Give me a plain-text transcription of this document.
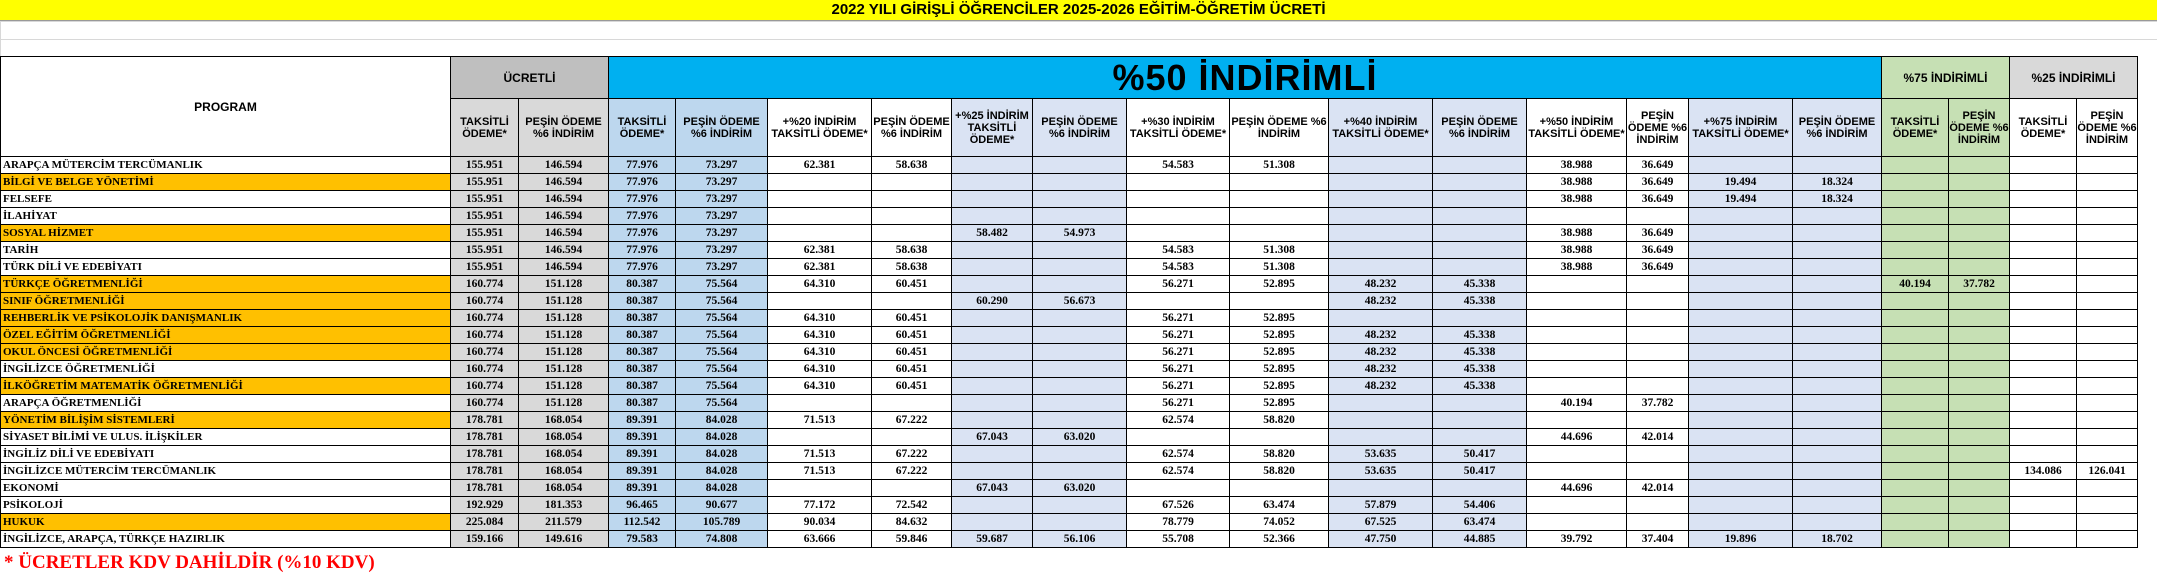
2022 YILI GİRİŞLİ ÖĞRENCİLER 2025-2026 EĞİTİM-ÖĞRETİM ÜCRETİ
PROGRAM	ÜCRETLİ		%50 İNDİRİMLİ														%75 İNDİRİMLİ		%25 İNDİRİMLİ	
	TAKSİTLİ ÖDEME*	PEŞİN ÖDEME %6 İNDİRİM	TAKSİTLİ ÖDEME*	PEŞİN ÖDEME %6 İNDİRİM	+%20 İNDİRİM TAKSİTLİ ÖDEME*	PEŞİN ÖDEME %6 İNDİRİM	+%25 İNDİRİM TAKSİTLİ ÖDEME*	PEŞİN ÖDEME %6 İNDİRİM	+%30 İNDİRİM TAKSİTLİ ÖDEME*	PEŞİN ÖDEME %6 İNDİRİM	+%40 İNDİRİM TAKSİTLİ ÖDEME*	PEŞİN ÖDEME %6 İNDİRİM	+%50 İNDİRİM TAKSİTLİ ÖDEME*	PEŞİN ÖDEME %6 İNDİRİM	+%75 İNDİRİM TAKSİTLİ ÖDEME*	PEŞİN ÖDEME %6 İNDİRİM	TAKSİTLİ ÖDEME*	PEŞİN ÖDEME %6 İNDİRİM	TAKSİTLİ ÖDEME*	PEŞİN ÖDEME %6 İNDİRİM
ARAPÇA MÜTERCİM TERCÜMANLIK	155.951	146.594	77.976	73.297	62.381	58.638			54.583	51.308			38.988	36.649						
BİLGİ VE BELGE YÖNETİMİ	155.951	146.594	77.976	73.297									38.988	36.649	19.494	18.324				
FELSEFE	155.951	146.594	77.976	73.297									38.988	36.649	19.494	18.324				
İLAHİYAT	155.951	146.594	77.976	73.297																
SOSYAL HİZMET	155.951	146.594	77.976	73.297			58.482	54.973					38.988	36.649						
TARİH	155.951	146.594	77.976	73.297	62.381	58.638			54.583	51.308			38.988	36.649						
TÜRK DİLİ VE EDEBİYATI	155.951	146.594	77.976	73.297	62.381	58.638			54.583	51.308			38.988	36.649						
TÜRKÇE ÖĞRETMENLİĞİ	160.774	151.128	80.387	75.564	64.310	60.451			56.271	52.895	48.232	45.338					40.194	37.782		
SINIF ÖĞRETMENLİĞİ	160.774	151.128	80.387	75.564			60.290	56.673			48.232	45.338								
REHBERLİK VE PSİKOLOJİK DANIŞMANLIK	160.774	151.128	80.387	75.564	64.310	60.451			56.271	52.895										
ÖZEL EĞİTİM ÖĞRETMENLİĞİ	160.774	151.128	80.387	75.564	64.310	60.451			56.271	52.895	48.232	45.338								
OKUL ÖNCESİ ÖĞRETMENLİĞİ	160.774	151.128	80.387	75.564	64.310	60.451			56.271	52.895	48.232	45.338								
İNGİLİZCE ÖĞRETMENLİĞİ	160.774	151.128	80.387	75.564	64.310	60.451			56.271	52.895	48.232	45.338								
İLKÖĞRETİM MATEMATİK ÖĞRETMENLİĞİ	160.774	151.128	80.387	75.564	64.310	60.451			56.271	52.895	48.232	45.338								
ARAPÇA ÖĞRETMENLİĞİ	160.774	151.128	80.387	75.564					56.271	52.895			40.194	37.782						
YÖNETİM BİLİŞİM SİSTEMLERİ	178.781	168.054	89.391	84.028	71.513	67.222			62.574	58.820										
SİYASET BİLİMİ VE ULUS. İLİŞKİLER	178.781	168.054	89.391	84.028			67.043	63.020					44.696	42.014						
İNGİLİZ DİLİ VE EDEBİYATI	178.781	168.054	89.391	84.028	71.513	67.222			62.574	58.820	53.635	50.417								
İNGİLİZCE MÜTERCİM TERCÜMANLIK	178.781	168.054	89.391	84.028	71.513	67.222			62.574	58.820	53.635	50.417							134.086	126.041
EKONOMİ	178.781	168.054	89.391	84.028			67.043	63.020					44.696	42.014						
PSİKOLOJİ	192.929	181.353	96.465	90.677	77.172	72.542			67.526	63.474	57.879	54.406								
HUKUK	225.084	211.579	112.542	105.789	90.034	84.632			78.779	74.052	67.525	63.474								
İNGİLİZCE, ARAPÇA, TÜRKÇE HAZIRLIK	159.166	149.616	79.583	74.808	63.666	59.846	59.687	56.106	55.708	52.366	47.750	44.885	39.792	37.404	19.896	18.702				
* ÜCRETLER KDV DAHİLDİR (%10 KDV)
